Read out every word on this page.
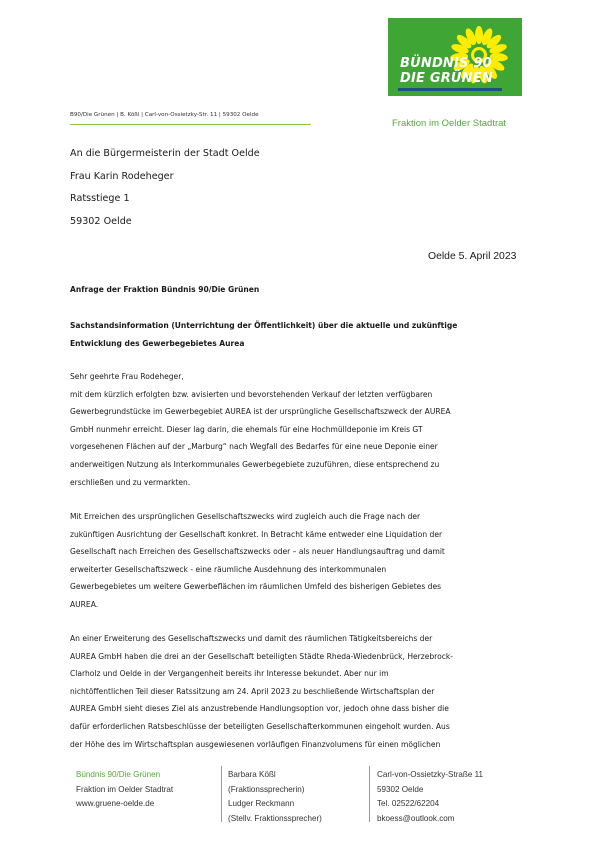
BÜNDNIS 90
DIE GRÜNEN
B90/Die Grünen | B. Kößl | Carl-von-Ossietzky-Str. 11 | 59302 Oelde
Fraktion im Oelder Stadtrat
An die Bürgermeisterin der Stadt Oelde
Frau Karin Rodeheger
Ratsstiege 1
59302 Oelde
Oelde 5. April 2023
Anfrage der Fraktion Bündnis 90/Die Grünen
Sachstandsinformation (Unterrichtung der Öffentlichkeit) über die aktuelle und zukünftige
Entwicklung des Gewerbegebietes Aurea
Sehr geehrte Frau Rodeheger,
mit dem kürzlich erfolgten bzw. avisierten und bevorstehenden Verkauf der letzten verfügbaren
Gewerbegrundstücke im Gewerbegebiet AUREA ist der ursprüngliche Gesellschaftszweck der AUREA
GmbH nunmehr erreicht. Dieser lag darin, die ehemals für eine Hochmülldeponie im Kreis GT
vorgesehenen Flächen auf der „Marburg“ nach Wegfall des Bedarfes für eine neue Deponie einer
anderweitigen Nutzung als Interkommunales Gewerbegebiete zuzuführen, diese entsprechend zu
erschließen und zu vermarkten.
Mit Erreichen des ursprünglichen Gesellschaftszwecks wird zugleich auch die Frage nach der
zukünftigen Ausrichtung der Gesellschaft konkret. In Betracht käme entweder eine Liquidation der
Gesellschaft nach Erreichen des Gesellschaftszwecks oder – als neuer Handlungsauftrag und damit
erweiterter Gesellschaftszweck - eine räumliche Ausdehnung des interkommunalen
Gewerbegebietes um weitere Gewerbeflächen im räumlichen Umfeld des bisherigen Gebietes des
AUREA.
An einer Erweiterung des Gesellschaftszwecks und damit des räumlichen Tätigkeitsbereichs der
AUREA GmbH haben die drei an der Gesellschaft beteiligten Städte Rheda-Wiedenbrück, Herzebrock-
Clarholz und Oelde in der Vergangenheit bereits ihr Interesse bekundet. Aber nur im
nichtöffentlichen Teil dieser Ratssitzung am 24. April 2023 zu beschließende Wirtschaftsplan der
AUREA GmbH sieht dieses Ziel als anzustrebende Handlungsoption vor, jedoch ohne dass bisher die
dafür erforderlichen Ratsbeschlüsse der beteiligten Gesellschafterkommunen eingeholt wurden. Aus
der Höhe des im Wirtschaftsplan ausgewiesenen vorläufigen Finanzvolumens für einen möglichen
Bündnis 90/Die Grünen
Fraktion im Oelder Stadtrat
www.gruene-oelde.de
Barbara Kößl
(Fraktionssprecherin)
Ludger Reckmann
(Stellv. Fraktionssprecher)
Carl-von-Ossietzky-Straße 11
59302 Oelde
Tel. 02522/62204
bkoess@outlook.com
